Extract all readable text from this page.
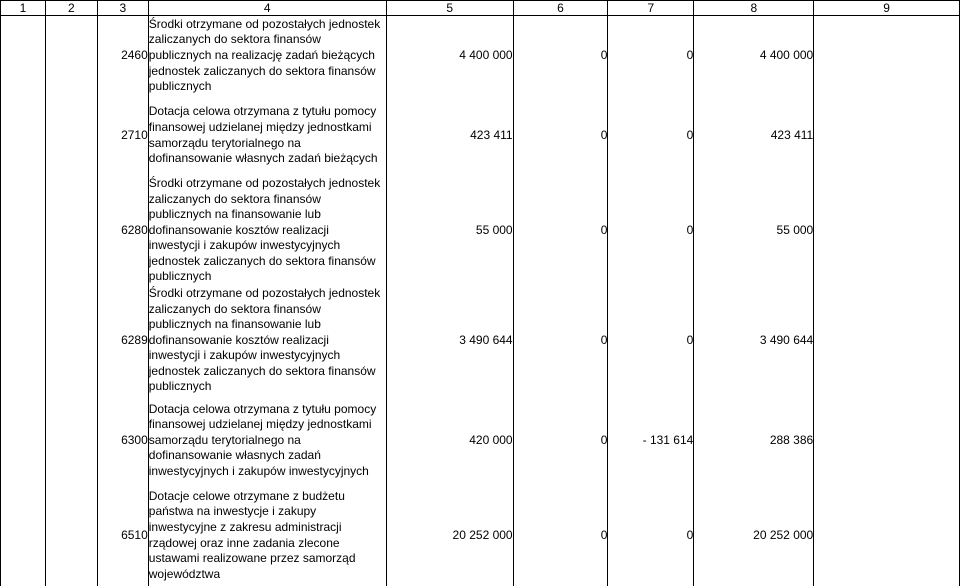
1	2	3	4	5	6	7	8	9
		2460	Środki otrzymane od pozostałych jednostek zaliczanych do sektora finansów publicznych na realizację zadań bieżących jednostek zaliczanych do sektora finansów publicznych	4 400 000	0	0	4 400 000	
		2710	Dotacja celowa otrzymana z tytułu pomocy finansowej udzielanej między jednostkami samorządu terytorialnego na dofinansowanie własnych zadań bieżących	423 411	0	0	423 411	
		6280	Środki otrzymane od pozostałych jednostek zaliczanych do sektora finansów publicznych na finansowanie lub dofinansowanie kosztów realizacji inwestycji i zakupów inwestycyjnych jednostek zaliczanych do sektora finansów publicznych	55 000	0	0	55 000	
		6289	Środki otrzymane od pozostałych jednostek zaliczanych do sektora finansów publicznych na finansowanie lub dofinansowanie kosztów realizacji inwestycji i zakupów inwestycyjnych jednostek zaliczanych do sektora finansów publicznych	3 490 644	0	0	3 490 644	
		6300	Dotacja celowa otrzymana z tytułu pomocy finansowej udzielanej między jednostkami samorządu terytorialnego na dofinansowanie własnych zadań inwestycyjnych i zakupów inwestycyjnych	420 000	0	- 131 614	288 386	
		6510	Dotacje celowe otrzymane z budżetu państwa na inwestycje i zakupy inwestycyjne z zakresu administracji rządowej oraz inne zadania zlecone ustawami realizowane przez samorząd województwa	20 252 000	0	0	20 252 000	
